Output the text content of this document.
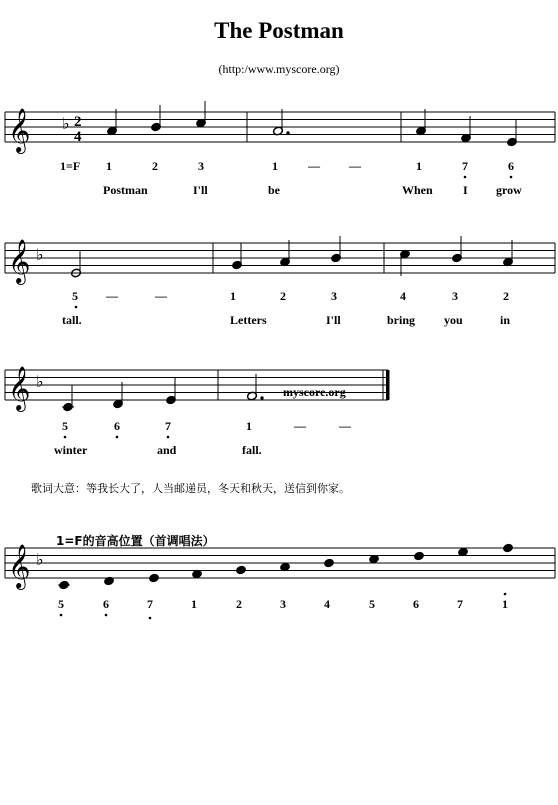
The Postman
(http:/www.myscore.org)
𝄞 ♭ 2
4
1=F 1	2	3	1	— —	1	7	6
Postman	I'll	be	When	I grow
𝄞 ♭
5 —	—	1	2	3	4	3	2
tall.	Letters	I'll	bring you	in
𝄞 ♭
myscore.org
5	6	7	1	—	—
winter	and	fall.
𝄞 ♭
5	6	7	1	2	3	4	5	6	7	1
歌词大意：等我长大了，人当邮递员，冬天和秋天，送信到你家。
1=F的音高位置（首调唱法）
